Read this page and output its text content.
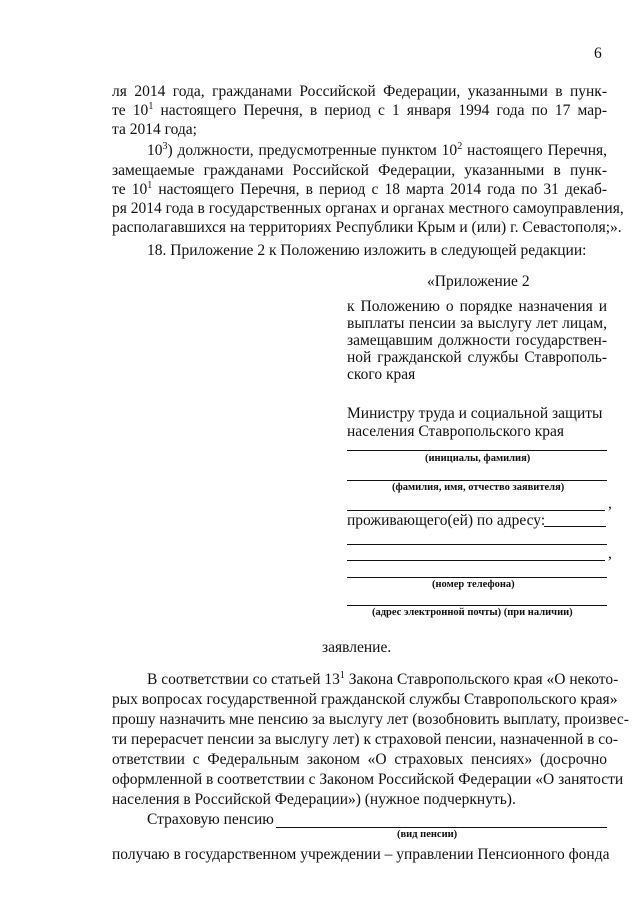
6
ля 2014 года, гражданами Российской Федерации, указанными в пунк-
те $10^1$ настоящего Перечня, в период с 1 января 1994 года по 17 мар-
та 2014 года;
$10^3$) должности, предусмотренные пунктом $10^2$ настоящего Перечня,
замещаемые гражданами Российской Федерации, указанными в пунк-
те $10^1$ настоящего Перечня, в период с 18 марта 2014 года по 31 декаб-
ря 2014 года в государственных органах и органах местного самоуправления,
располагавшихся на территориях Республики Крым и (или) г. Севастополя;».
18. Приложение 2 к Положению изложить в следующей редакции:
«Приложение 2
к Положению о порядке назначения и
выплаты пенсии за выслугу лет лицам,
замещавшим должности государствен-
ной гражданской службы Ставрополь-
ского края
Министру труда и социальной защиты
населения Ставропольского края
(инициалы, фамилия)
(фамилия, имя, отчество заявителя)
,
проживающего(ей) по адресу:
,
(номер телефона)
(адрес электронной почты) (при наличии)
заявление.
В соответствии со статьей $13^1$ Закона Ставропольского края «О некото-
рых вопросах государственной гражданской службы Ставропольского края»
прошу назначить мне пенсию за выслугу лет (возобновить выплату, произвес-
ти перерасчет пенсии за выслугу лет) к страховой пенсии, назначенной в со-
ответствии с Федеральным законом «О страховых пенсиях» (досрочно
оформленной в соответствии с Законом Российской Федерации «О занятости
населения в Российской Федерации») (нужное подчеркнуть).
Страховую пенсию
(вид пенсии)
получаю в государственном учреждении – управлении Пенсионного фонда
